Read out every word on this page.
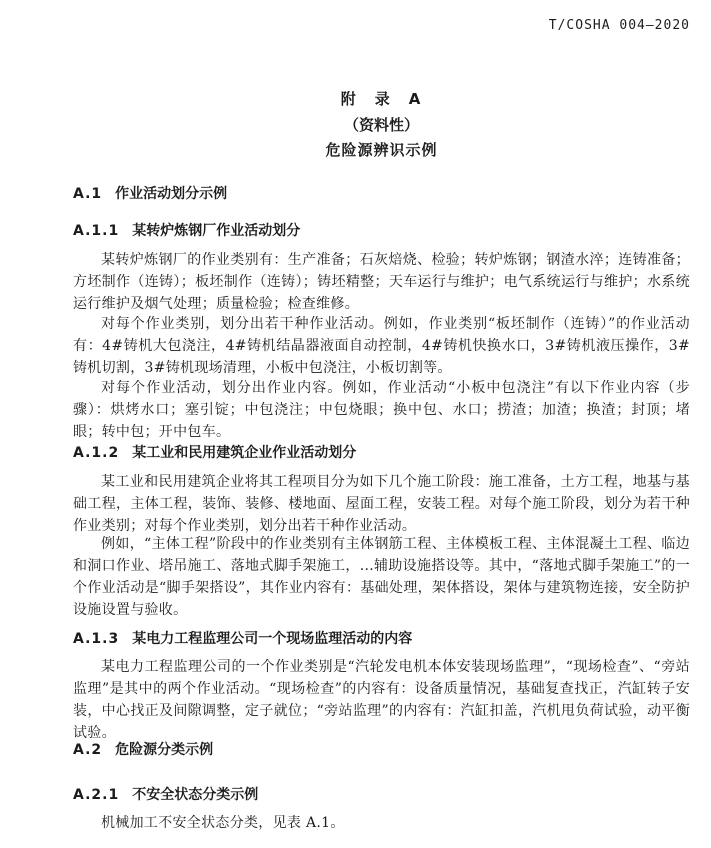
T/COSHA 004—2020
附　录　A
（资料性）
危险源辨识示例
A.1 作业活动划分示例
A.1.1 某转炉炼钢厂作业活动划分
某转炉炼钢厂的作业类别有：生产准备；石灰焙烧、检验；转炉炼钢；钢渣水淬；连铸准备；方坯制作（连铸）；板坯制作（连铸）；铸坯精整；天车运行与维护；电气系统运行与维护；水系统运行维护及烟气处理；质量检验；检查维修。
对每个作业类别，划分出若干种作业活动。例如，作业类别“板坯制作（连铸）”的作业活动有：4#铸机大包浇注，4#铸机结晶器液面自动控制，4#铸机快换水口，3#铸机液压操作，3#铸机切割，3#铸机现场清理，小板中包浇注，小板切割等。
对每个作业活动，划分出作业内容。例如，作业活动“小板中包浇注”有以下作业内容（步骤）：烘烤水口；塞引锭；中包浇注；中包烧眼；换中包、水口；捞渣；加渣；换渣；封顶；堵眼；转中包；开中包车。
A.1.2 某工业和民用建筑企业作业活动划分
某工业和民用建筑企业将其工程项目分为如下几个施工阶段：施工准备，土方工程，地基与基础工程，主体工程，装饰、装修、楼地面、屋面工程，安装工程。对每个施工阶段，划分为若干种作业类别；对每个作业类别，划分出若干种作业活动。
例如，“主体工程”阶段中的作业类别有主体钢筋工程、主体模板工程、主体混凝土工程、临边和洞口作业、塔吊施工、落地式脚手架施工，...辅助设施搭设等。其中，“落地式脚手架施工”的一个作业活动是“脚手架搭设”，其作业内容有：基础处理，架体搭设，架体与建筑物连接，安全防护设施设置与验收。
A.1.3 某电力工程监理公司一个现场监理活动的内容
某电力工程监理公司的一个作业类别是“汽轮发电机本体安装现场监理”，“现场检查”、“旁站监理”是其中的两个作业活动。“现场检查”的内容有：设备质量情况，基础复查找正，汽缸转子安装，中心找正及间隙调整，定子就位；“旁站监理”的内容有：汽缸扣盖，汽机甩负荷试验，动平衡试验。
A.2 危险源分类示例
A.2.1 不安全状态分类示例
机械加工不安全状态分类，见表 A.1。
